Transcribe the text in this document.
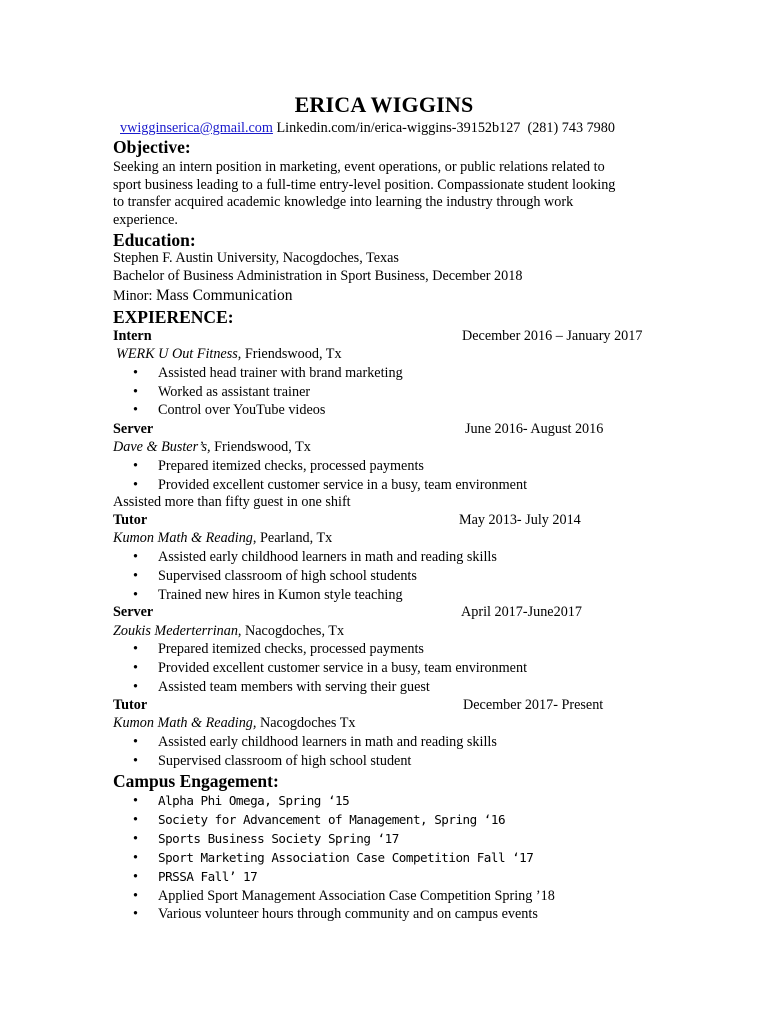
ERICA WIGGINS
vwigginserica@gmail.com Linkedin.com/in/erica-wiggins-39152b127 (281) 743 7980
Objective:
Seeking an intern position in marketing, event operations, or public relations related to
sport business leading to a full-time entry-level position. Compassionate student looking
to transfer acquired academic knowledge into learning the industry through work
experience.
Education:
Stephen F. Austin University, Nacogdoches, Texas
Bachelor of Business Administration in Sport Business, December 2018
Minor: Mass Communication
EXPIERENCE:
Intern	December 2016 – January 2017
WERK U Out Fitness, Friendswood, Tx
• Assisted head trainer with brand marketing
• Worked as assistant trainer
• Control over YouTube videos
Server	June 2016- August 2016
Dave & Buster’s, Friendswood, Tx
• Prepared itemized checks, processed payments
• Provided excellent customer service in a busy, team environment
Assisted more than fifty guest in one shift
Tutor	May 2013- July 2014
Kumon Math & Reading, Pearland, Tx
• Assisted early childhood learners in math and reading skills
• Supervised classroom of high school students
• Trained new hires in Kumon style teaching
Server	April 2017-June2017
Zoukis Mederterrinan, Nacogdoches, Tx
• Prepared itemized checks, processed payments
• Provided excellent customer service in a busy, team environment
• Assisted team members with serving their guest
Tutor	December 2017- Present
Kumon Math & Reading, Nacogdoches Tx
• Assisted early childhood learners in math and reading skills
• Supervised classroom of high school student
Campus Engagement:
• Alpha Phi Omega, Spring ‘15
• Society for Advancement of Management, Spring ‘16
• Sports Business Society Spring ‘17
• Sport Marketing Association Case Competition Fall ‘17
• PRSSA Fall’ 17
• Applied Sport Management Association Case Competition Spring ’18
• Various volunteer hours through community and on campus events
